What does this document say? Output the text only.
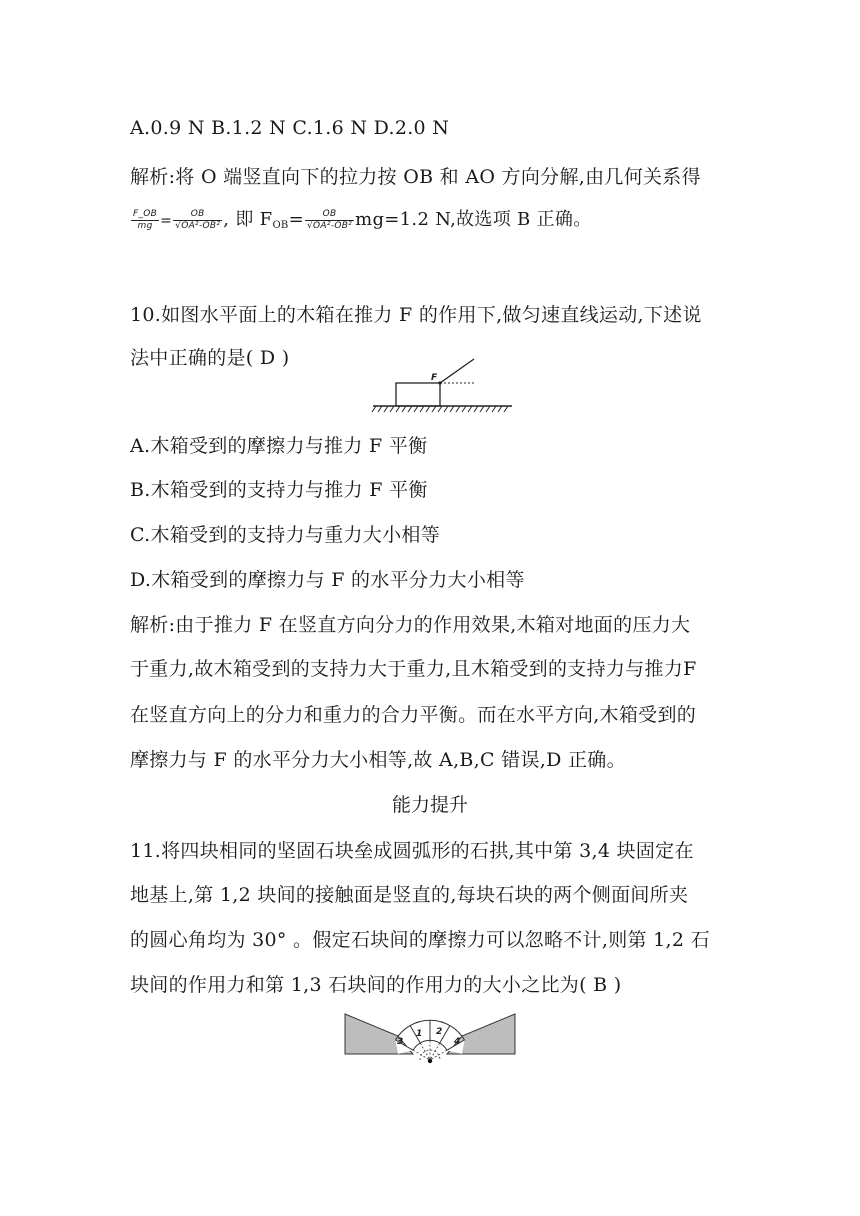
A.0.9 N B.1.2 N C.1.6 N D.2.0 N
解析:将 O 端竖直向下的拉力按 OB 和 AO 方向分解,由几何关系得
$\frac{F\_OB}{mg} = \frac{OB}{\text{√OA²-OB²}}$ , 即 $F_{OB}= \frac{OB}{\text{√OA²-OB²}} mg=1.2$ N,故选项 B 正确。
10.如图水平面上的木箱在推力 F 的作用下,做匀速直线运动,下述说
法中正确的是( D )
F
A.木箱受到的摩擦力与推力 F 平衡
B.木箱受到的支持力与推力 F 平衡
C.木箱受到的支持力与重力大小相等
D.木箱受到的摩擦力与 F 的水平分力大小相等
解析:由于推力 F 在竖直方向分力的作用效果,木箱对地面的压力大
于重力,故木箱受到的支持力大于重力,且木箱受到的支持力与推力F
在竖直方向上的分力和重力的合力平衡。而在水平方向,木箱受到的
摩擦力与 F 的水平分力大小相等,故 A,B,C 错误,D 正确。
能力提升
11.将四块相同的坚固石块垒成圆弧形的石拱,其中第 3,4 块固定在
地基上,第 1,2 块间的接触面是竖直的,每块石块的两个侧面间所夹
的圆心角均为 30° 。假定石块间的摩擦力可以忽略不计,则第 1,2 石
块间的作用力和第 1,3 石块间的作用力的大小之比为( B )
3
1 2
4
